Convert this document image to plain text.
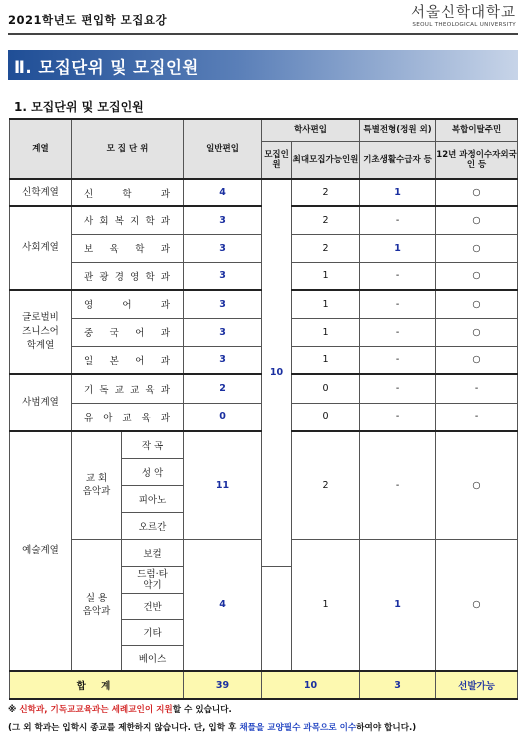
2021학년도 편입학 모집요강	서울신학대학교
SEOUL THEOLOGICAL UNIVERSITY
Ⅱ. 모집단위 및 모집인원
1. 모집단위 및 모집인원
계열	모 집 단 위		일반편입	학사편입		특별전형(정원 외)	복합이탈주민
				모집인원	최대모집가능인원	기초생활수급자 등	12년 과정이수자외국인 등
신학계열	신 학 과		4	10	2	1	○
사회계열	사 회 복 지 학 과		3		2	-	○
	보 육 학 과		3		2	1	○
	관 광 경 영 학 과		3		1	-	○
글로벌비즈니스어학계열	영 어 과		3		1	-	○
	중 국 어 과		3		1	-	○
	일 본 어 과		3		1	-	○
사범계열	기 독 교 교 육 과		2		0	-	-
	유 아 교 육 과		0		0	-	-
예술계열	교 회 음악과	작 곡	11		2	-	○
		성 악					
		피아노					
		오르간					
	실 용 음악과	보컬	4		1	1	○
		드럼·타악기					
		건반					
		기타					
		베이스					
합 계			39	10		3	선발가능
※ 신학과, 기독교교육과는 세례교인이 지원할 수 있습니다.
(그 외 학과는 입학시 종교를 제한하지 않습니다. 단, 입학 후 채플을 교양필수 과목으로 이수하여야 합니다.)
